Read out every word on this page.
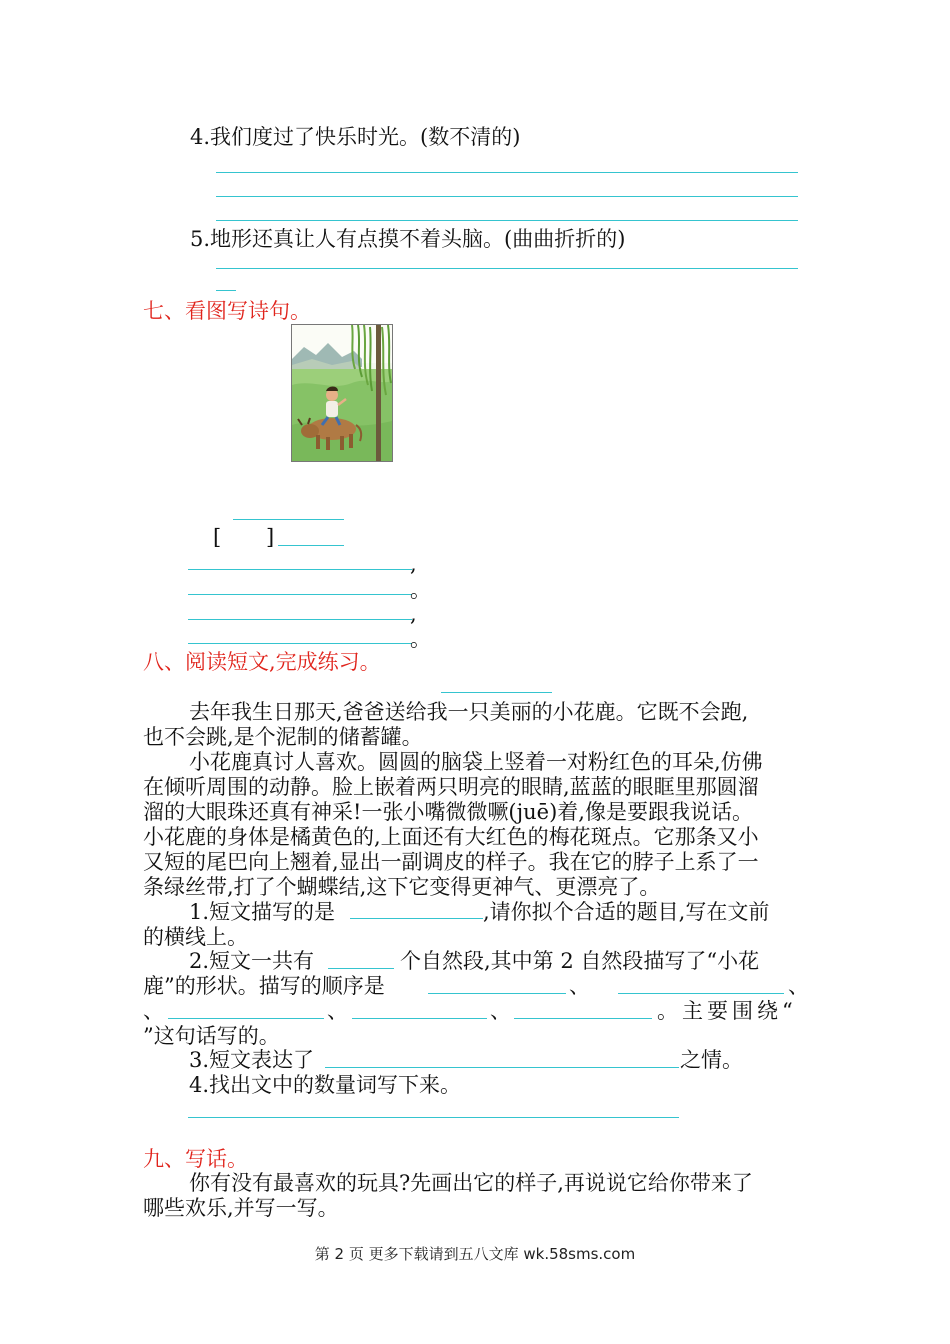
4.我们度过了快乐时光。(数不清的)
5.地形还真让人有点摸不着头脑。(曲曲折折的)
七、看图写诗句。
[ ]
,
。
,
。
八、阅读短文,完成练习。
去年我生日那天,爸爸送给我一只美丽的小花鹿。它既不会跑,
也不会跳,是个泥制的储蓄罐。
小花鹿真讨人喜欢。圆圆的脑袋上竖着一对粉红色的耳朵,仿佛
在倾听周围的动静。脸上嵌着两只明亮的眼睛,蓝蓝的眼眶里那圆溜
溜的大眼珠还真有神采!一张小嘴微微噘(juē)着,像是要跟我说话。
小花鹿的身体是橘黄色的,上面还有大红色的梅花斑点。它那条又小
又短的尾巴向上翘着,显出一副调皮的样子。我在它的脖子上系了一
条绿丝带,打了个蝴蝶结,这下它变得更神气、更漂亮了。
1.短文描写的是	,请你拟个合适的题目,写在文前
的横线上。
2.短文一共有	个自然段,其中第 2 自然段描写了“小花
鹿”的形状。描写的顺序是	、	、
、	、	、	。主要围绕“
”这句话写的。
3.短文表达了	之情。
4.找出文中的数量词写下来。
九、写话。
你有没有最喜欢的玩具?先画出它的样子,再说说它给你带来了
哪些欢乐,并写一写。
第 2 页 更多下载请到五八文库 wk.58sms.com
